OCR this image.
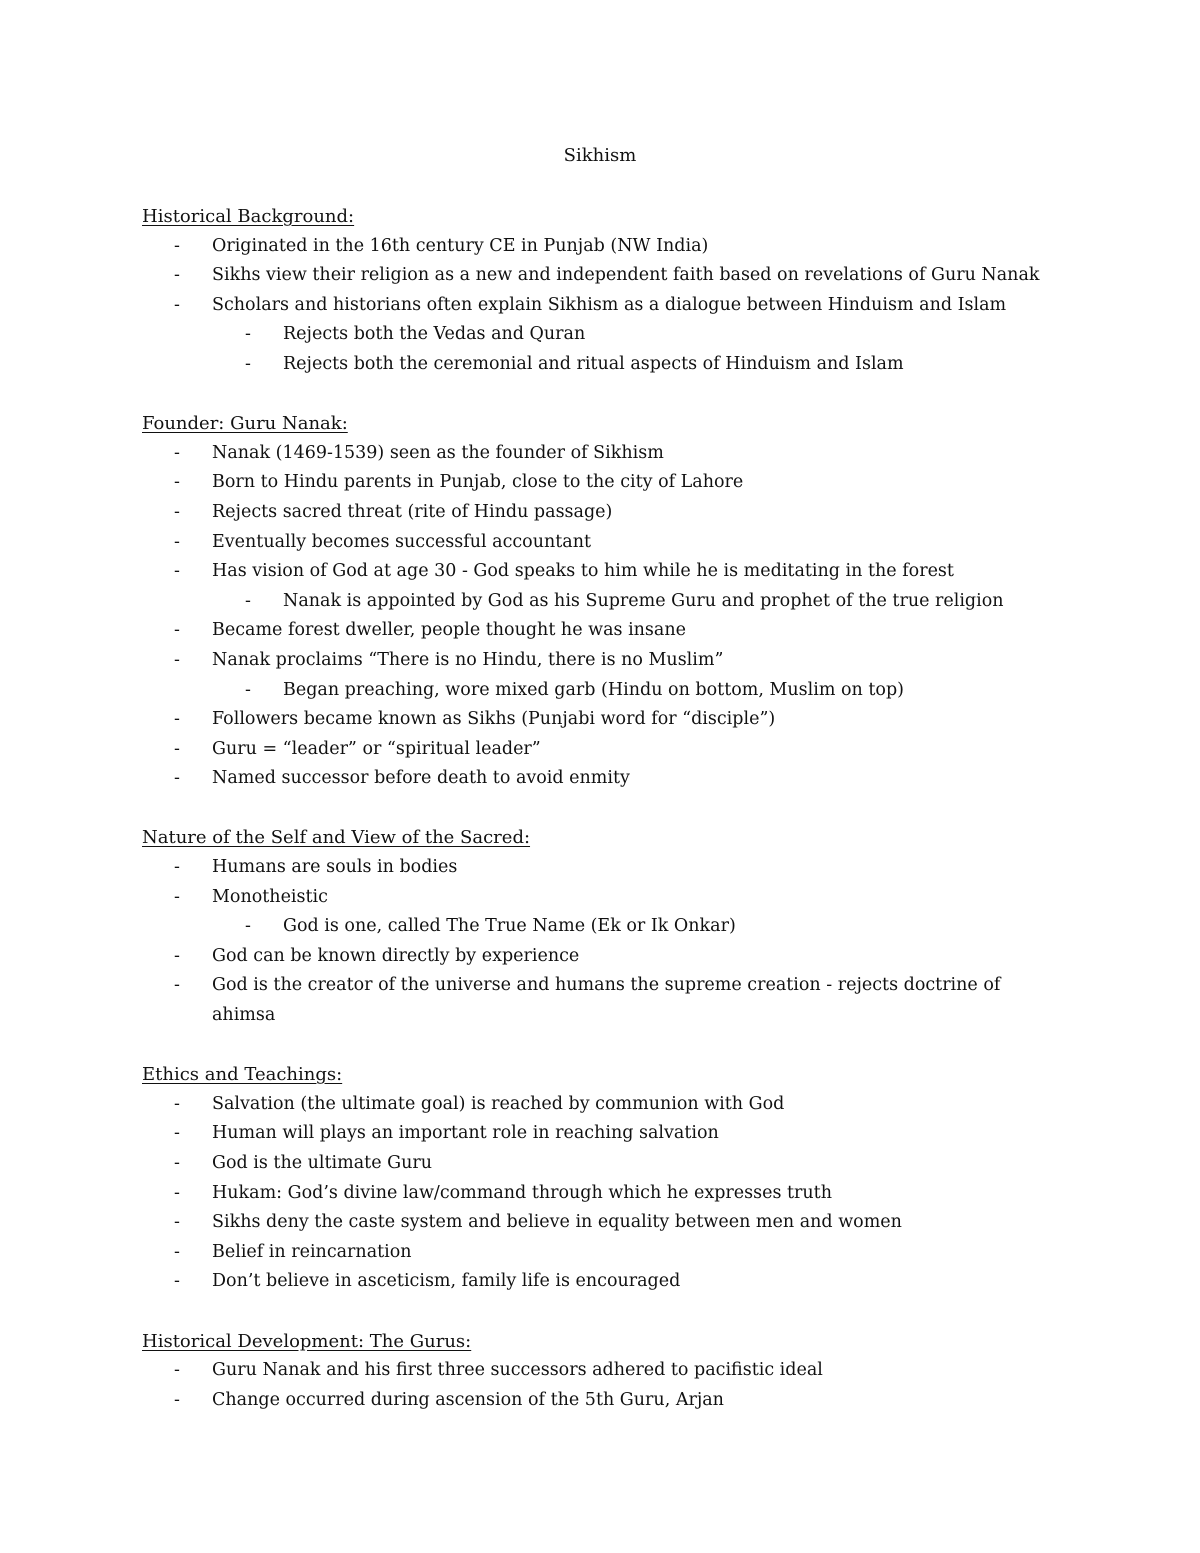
Sikhism
Historical Background:
- Originated in the 16th century CE in Punjab (NW India)
- Sikhs view their religion as a new and independent faith based on revelations of Guru Nanak
- Scholars and historians often explain Sikhism as a dialogue between Hinduism and Islam
- Rejects both the Vedas and Quran
- Rejects both the ceremonial and ritual aspects of Hinduism and Islam
Founder: Guru Nanak:
- Nanak (1469-1539) seen as the founder of Sikhism
- Born to Hindu parents in Punjab, close to the city of Lahore
- Rejects sacred threat (rite of Hindu passage)
- Eventually becomes successful accountant
- Has vision of God at age 30 - God speaks to him while he is meditating in the forest
- Nanak is appointed by God as his Supreme Guru and prophet of the true religion
- Became forest dweller, people thought he was insane
- Nanak proclaims “There is no Hindu, there is no Muslim”
- Began preaching, wore mixed garb (Hindu on bottom, Muslim on top)
- Followers became known as Sikhs (Punjabi word for “disciple”)
- Guru = “leader” or “spiritual leader”
- Named successor before death to avoid enmity
Nature of the Self and View of the Sacred:
- Humans are souls in bodies
- Monotheistic
- God is one, called The True Name (Ek or Ik Onkar)
- God can be known directly by experience
- God is the creator of the universe and humans the supreme creation - rejects doctrine of ahimsa
Ethics and Teachings:
- Salvation (the ultimate goal) is reached by communion with God
- Human will plays an important role in reaching salvation
- God is the ultimate Guru
- Hukam: God’s divine law/command through which he expresses truth
- Sikhs deny the caste system and believe in equality between men and women
- Belief in reincarnation
- Don’t believe in asceticism, family life is encouraged
Historical Development: The Gurus:
- Guru Nanak and his first three successors adhered to pacifistic ideal
- Change occurred during ascension of the 5th Guru, Arjan
